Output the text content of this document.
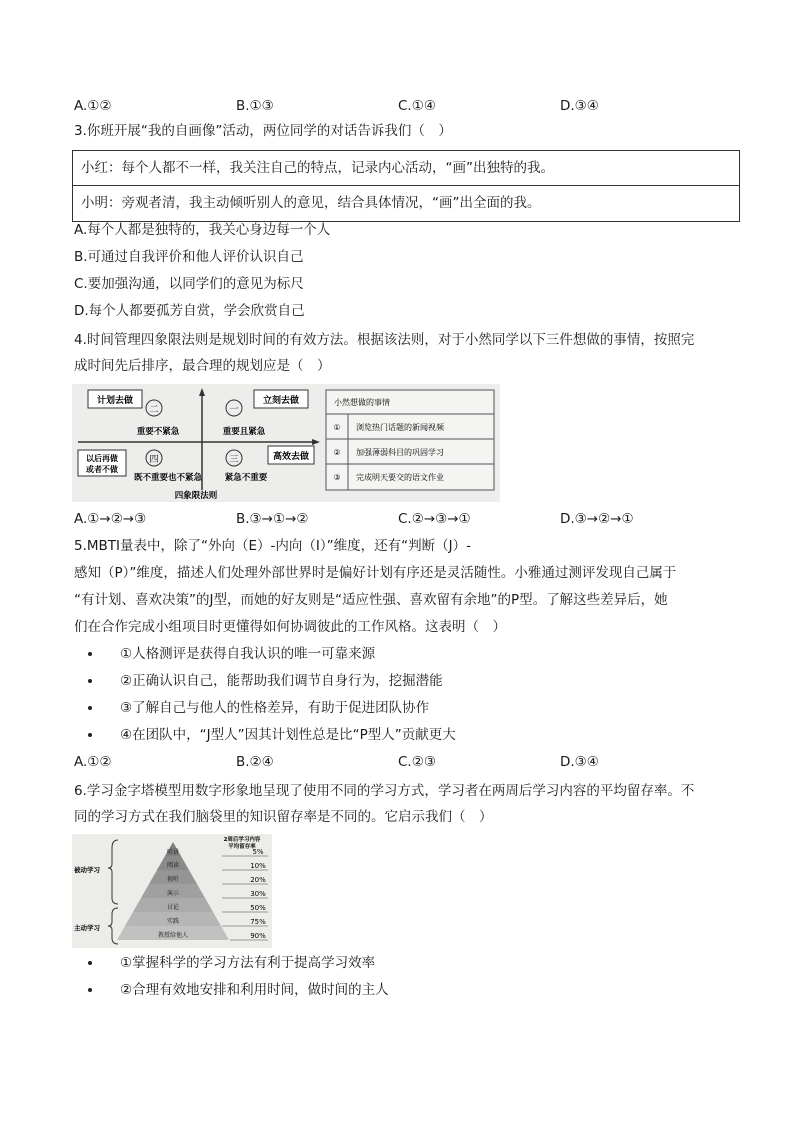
A.①②	B.①③	C.①④	D.③④
3.你班开展“我的自画像”活动，两位同学的对话告诉我们（　）
小红：每个人都不一样，我关注自己的特点，记录内心活动，“画”出独特的我。
小明：旁观者清，我主动倾听别人的意见，结合具体情况，“画”出全面的我。
A.每个人都是独特的，我关心身边每一个人
B.可通过自我评价和他人评价认识自己
C.要加强沟通，以同学们的意见为标尺
D.每个人都要孤芳自赏，学会欣赏自己
4.时间管理四象限法则是规划时间的有效方法。根据该法则，对于小然同学以下三件想做的事情，按照完
成时间先后排序，最合理的规划应是（　）
计划去做	立刻去做
以后再做
或者不做
高效去做
二	一
四	三
重要不紧急	重要且紧急
既不重要也不紧急	紧急不重要
四象限法则
小然想做的事情
① 浏览热门话题的新闻视频
② 加强薄弱科目的巩固学习
③ 完成明天要交的语文作业
A.①→②→③	B.③→①→②	C.②→③→①	D.③→②→①
5.MBTI量表中，除了“外向（E）-内向（I）”维度，还有“判断（J）-
感知（P）”维度，描述人们处理外部世界时是偏好计划有序还是灵活随性。小雅通过测评发现自己属于
“有计划、喜欢决策”的J型，而她的好友则是“适应性强、喜欢留有余地”的P型。了解这些差异后，她
们在合作完成小组项目时更懂得如何协调彼此的工作风格。这表明（　）
①人格测评是获得自我认识的唯一可靠来源
②正确认识自己，能帮助我们调节自身行为，挖掘潜能
③了解自己与他人的性格差异，有助于促进团队协作
④在团队中，“J型人”因其计划性总是比“P型人”贡献更大
A.①②	B.②④	C.②③	D.③④
6.学习金字塔模型用数字形象地呈现了使用不同的学习方式，学习者在两周后学习内容的平均留存率。不
同的学习方式在我们脑袋里的知识留存率是不同的。它启示我们（　）
听讲
阅读
视听
演示
讨论
实践
教授给他人
2周后学习内容
平均留存率
5%
10%
20%
30%
50%
75%
90%
被动学习
主动学习
①掌握科学的学习方法有利于提高学习效率
②合理有效地安排和利用时间，做时间的主人
